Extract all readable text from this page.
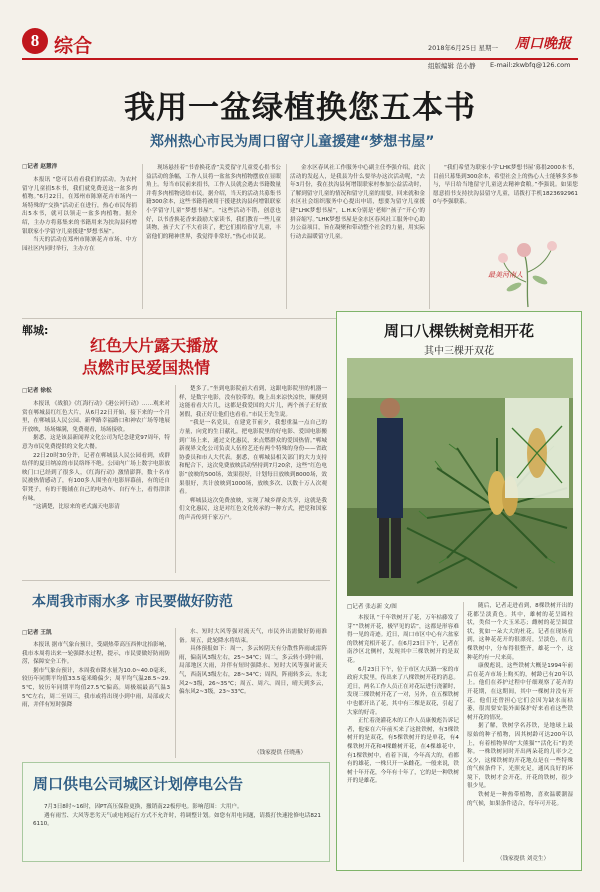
8 综合	2018年6月25日 星期一 周口晚报
组版编辑 范小静 E-mail:zkwbfq@126.com
我用一盆绿植换您五本书
郑州热心市民为周口留守儿童援建“梦想书屋”
□记者 赵慧洋

本报讯 “您可以看看我们的活动。为农村留守儿童捐5本书，我们就免费送这一盆多肉植物。”6月22日，在郑州市陈寨花卉市场内一场特殊的“交换”活动正在进行，热心市民每捐出5本书，就可以领走一盆多肉植物。据介绍，主办方将募集来的书籍用来为扶沟县何增银联家小学留守儿童援建“梦想书屋”。

当天的活动在郑州市陈寨花卉市场、中方园社区内同时举行，主办方在

现场悬挂着“书香换花香”关爱留守儿童爱心捐书公益活动的条幅，工作人员将一盆盆多肉植物摆放在显眼角上。每当市民前来捐书，工作人员就会遇去书籍数量并将多肉植物送给市民。据介绍，当天的活动共募集书籍300余本，这些书籍将被用于援建扶沟县何增银联家小学留守儿童“梦想书屋”。“这些活动不错，创意也好，以书香换花香来鼓励大家读书，我们教育一些儿童读物，孩子大了不大看读了，把它们捐给留守儿童，丰富他们的精神世界，我觉得非常好。”热心市民说。

金水区春风社工作服务中心副主任李强介绍，此次活动的发起人，是我县为什么要举办这次活动呢，“去年3月份，我在扶沟县何增银联家村参加公益活动时，了解到留守儿童的情况和留守儿童的需要，回来就和金水区社会组织服务中心提出申请，想要为留守儿童援建“LHK梦想书屋”，L.H.K分别是‘老师’‘孩子’‘开心’的拼音缩写。”LHK梦想书屋是金水区春风社工服务中心助力公益项目，旨在凝聚和带动整个社会的力量，用实际行动去温暖留守儿童。

“我们希望为联家小学‘LHK梦想书屋’募捐2000本书，目前只募集到300余本，希望社会上的热心人士能够多多参与，早日给当地留守儿童送去精神食粮。”李强说。如果您愿意捐书支持扶沟县留守儿童，请拨打手机18236929610与李强联系。

最美河南人
郸城:
红色大片露天播放
点燃市民爱国热情
□记者 徐松

本报讯 《战狼》《红海行动》《港公河行动》……观来对赏在郸城县红红色大片，从6月22日开始，接下来的一个月里，在郸城县人民公园、新华路幸福路口和神农广场等地展开放映，场场爆满，免费观看，场场接收。

据悉，这是该县新闻界文化公司为纪念建党97周年，特意为市民免费提供的文化大餐。

22日20时30分许，记者在郸城县人民公园看到，成群结伴的夏日纳凉的市民络绎不绝。公园内广场上数字电影放映门口已经到了很多人，《红海行动》激情澎湃，数十名市民被热情感动了，有100多人围坐在电影屏幕前，有的还自带凳子，有的干脆铺在自己的电动车、自行车上，看得津津有味。

“这满楚，比原来的老式露天电影清

楚多了。”坐到电影院前大看到，这跟电影院里的机器一样，是数字电影，没有胶带的。晚上出来凉快凉快，顺便到这能看看大片儿，这都是我爱国的大片儿，两个孩子正好放暑假，我正好让他们也看看。”市民王先生说。

“我是一名党员，在建党节前夕，我想重温一点自己的方量，向党的生日献礼，把电影院里的好电影、爱国电影搬到广场上来，通过文化惠民，来点燃群众的爱国热情。”郸城新视界文化公司负责人伍栓艺还有两个特殊的身份——省政协委员和市人大代表。据悉，在郸城县相关部门的大力支持和配合下，这次免费放映活动坚持到7月20余，这些“红色电影”放映的500场，效果很好，计划每日放映到8000场，效果很好，共计放映到1000场，放映多次、以数十万人次观看。

郸城县这次免费放映，实现了城乡群众共享，这就是我们文化惠民，这是对红色文化传承的一种方式，把党和国家的声音传到千家万户。

本周我市雨水多 市民要做好防范
□记者 王凯

本报讯 据市气象台预计，受副热带高压西伸北抬影响，我市本周将出来一轮强降水过程，提示，市民要做好防雨防涝，保障安全工作。

据市气象台预计，本周我市降水量为10.0~40.0毫米，较历年同期平均值33.5毫米略偏少；周平均气温28.5~29.5℃，较历年同期平均值27.5℃偏高。周极端最高气温35℃左右，周二至周三，我市或将出现小到中雨，局部或大雨，并伴有短时强降

水、短时大风等强对流天气，市民外出需做好防雨准备。周五，此轮降水将结束。

具体预报如下：周一，多云转阴天有分散性阵雨或雷阵雨，偏南风3级左右，25~34℃；周二，多云转小到中雨，局部地区大雨，并伴有短时强降水、短时大风等强对流天气，西南风3级左右，28~34℃；周四，阵雨转多云，东北风2~3级，26~35℃；周五、周六、周日，晴天到多云，偏东风2~3级，23~33℃。

（钱家提供 任晓燕）
周口供电公司城区计划停电公告

7月3日8时~16时，因PT高压保险更换，撤销南22板停电。影响范围：大用户。

遇有雨雪、大风等恶劣天气或电网运行方式不允许时，将调整计划。如您有用电问题，请拨打快速抢修电话8216110。

周口八棵铁树竞相开花
其中三棵开双花
□记者 张志新 文/图

本报讯 “千年铁树开了花，万年枯藤发了芽”“铁树开花，极罕见的话”，这都是形容难得一见的奇迹。近日，周口市区中心有六盆家的铁树竞相开花了，在6月23日下午，记者在南沙区北侧村，发现其中三棵铁树开的是双花。

6月23日下午，位于市区大庆路一家的市政府大院里，传出来了八棵铁树开花的消息。近日，两名工作人员正在对花坛进行浇灌时，发现三棵铁树开花了一对，另外，在五棵铁树中也都开出了花，其中有三棵是双花，引起了大家的好奇。

正忙着浇灌花木的工作人员康俊彪告诉记者，他家在六年前买来了这批铁树，有3棵铁树开的是双花，有5棵铁树开的是单花，有4棵铁树开花和4棵雌树开花，在4棵雄花中，有1棵铁树中，看着下面，今年高大的，看都有的雄花，一株只开一朵雌花。一般来说，铁树十年开花，今年有十年了，它的是一种铁树开的是雄花。

随后，记者走进看到，8棵铁树开出的花都呈淡黄色。其中，雄树的花呈圆柱状，类似一个大玉米芯；雌树的花呈圆盘状，犹如一朵大大的杜花。记者在现场看到，这种花花开的很漂亮，呈淡色，在几棵铁树中，分布得很整齐，雄花一个，这种花约有一尺来高。

康俊彪说，这些铁树大概是1994年前后在花卉市场上购买的，树龄已有20年以上。他们在养护过程中仔细观察了花卉的开花期，在这期间，其中一棵树并没有开花。他们还曾担心它们会因为缺水而枯萎，很需要安装外面保护好来看看这些铁树开花的情况。

据了解，铁树学名苏铁，是地球上最原始的种子植物，因其树龄可达200年以上，有着植物界的“大熊猫”“活化石”的美称。一株铁树同时开出两朵花的几率少之又少，这棵铁树的开花地点是在一些特殊的气候条件下，光照充足，通风良好的环境下，铁树才会开花，开花的铁树，很少很少见。

铁树是一种热带植物，喜欢温暖潮湿的气候，如果条件适合，每年可开花。

（钱家提供 刘竞生）
